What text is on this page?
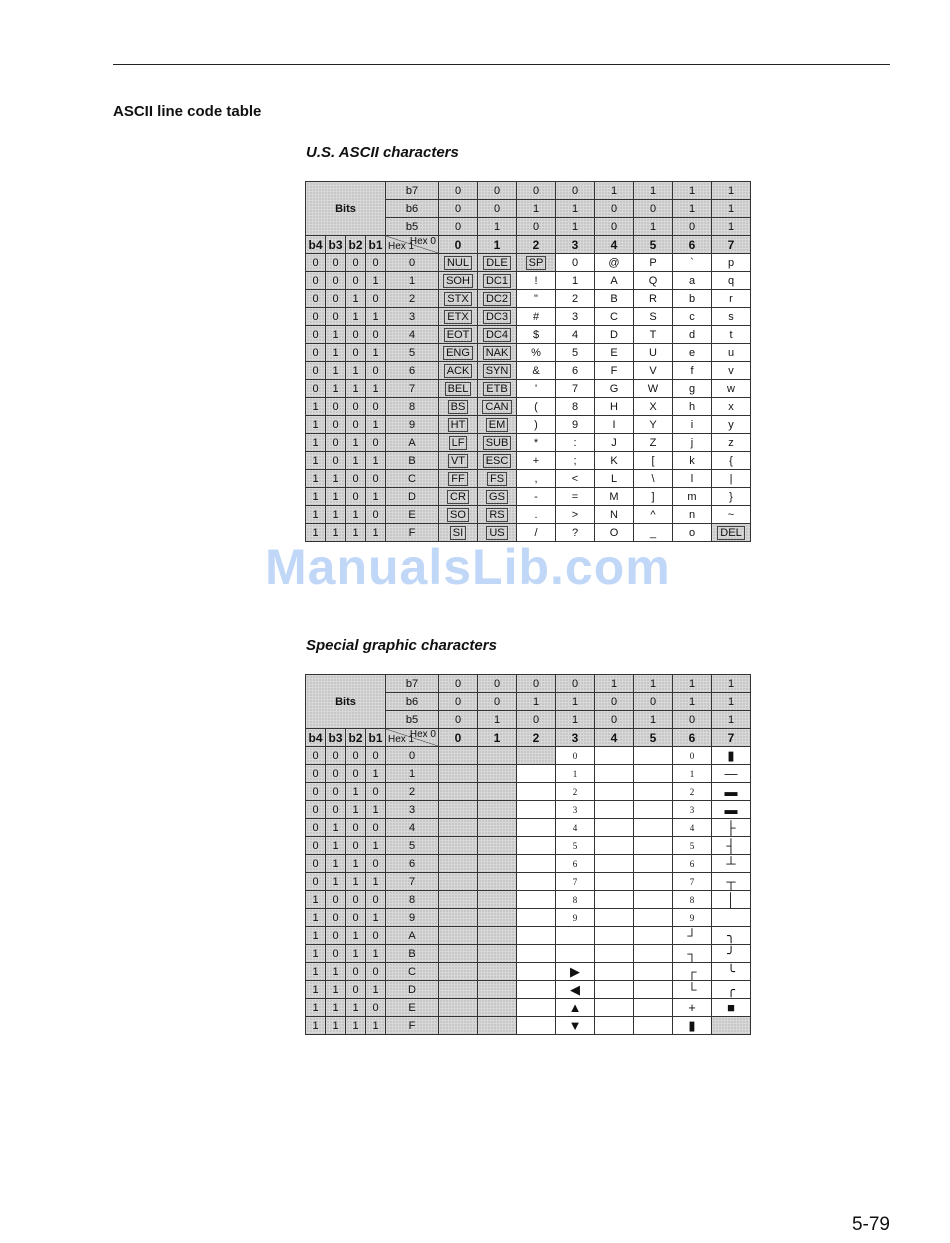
ASCII line code table
U.S. ASCII characters
Bits				b7	0	0	0	0	1	1	1	1
				b6	0	0	1	1	0	0	1	1
				b5	0	1	0	1	0	1	0	1
b4	b3	b2	b1	Hex 0
Hex 1	0	1	2	3	4	5	6	7
0	0	0	0	0	NUL	DLE	SP	0	@	P	`	p
0	0	0	1	1	SOH	DC1	!	1	A	Q	a	q
0	0	1	0	2	STX	DC2	"	2	B	R	b	r
0	0	1	1	3	ETX	DC3	#	3	C	S	c	s
0	1	0	0	4	EOT	DC4	$	4	D	T	d	t
0	1	0	1	5	ENG	NAK	%	5	E	U	e	u
0	1	1	0	6	ACK	SYN	&	6	F	V	f	v
0	1	1	1	7	BEL	ETB	'	7	G	W	g	w
1	0	0	0	8	BS	CAN	(	8	H	X	h	x
1	0	0	1	9	HT	EM	)	9	I	Y	i	y
1	0	1	0	A	LF	SUB	*	:	J	Z	j	z
1	0	1	1	B	VT	ESC	+	;	K	[	k	{
1	1	0	0	C	FF	FS	,	<	L	\	l	|
1	1	0	1	D	CR	GS	-	=	M	]	m	}
1	1	1	0	E	SO	RS	.	>	N	^	n	~
1	1	1	1	F	SI	US	/	?	O	_	o	DEL
Special graphic characters
Bits				b7	0	0	0	0	1	1	1	1
				b6	0	0	1	1	0	0	1	1
				b5	0	1	0	1	0	1	0	1
b4	b3	b2	b1	Hex 0
Hex 1	0	1	2	3	4	5	6	7
0	0	0	0	0				0			0	▮
0	0	0	1	1				1			1	—
0	0	1	0	2				2			2	▬
0	0	1	1	3				3			3	▬
0	1	0	0	4				4			4	├
0	1	0	1	5				5			5	┤
0	1	1	0	6				6			6	┴
0	1	1	1	7				7			7	┬
1	0	0	0	8				8			8	│
1	0	0	1	9				9			9	
1	0	1	0	A							┘	╮
1	0	1	1	B							┐	╯
1	1	0	0	C				▶			┌	╰
1	1	0	1	D				◀			└	╭
1	1	1	0	E				▲			+	■
1	1	1	1	F				▼			▮	
ManualsLib.com
5-79
